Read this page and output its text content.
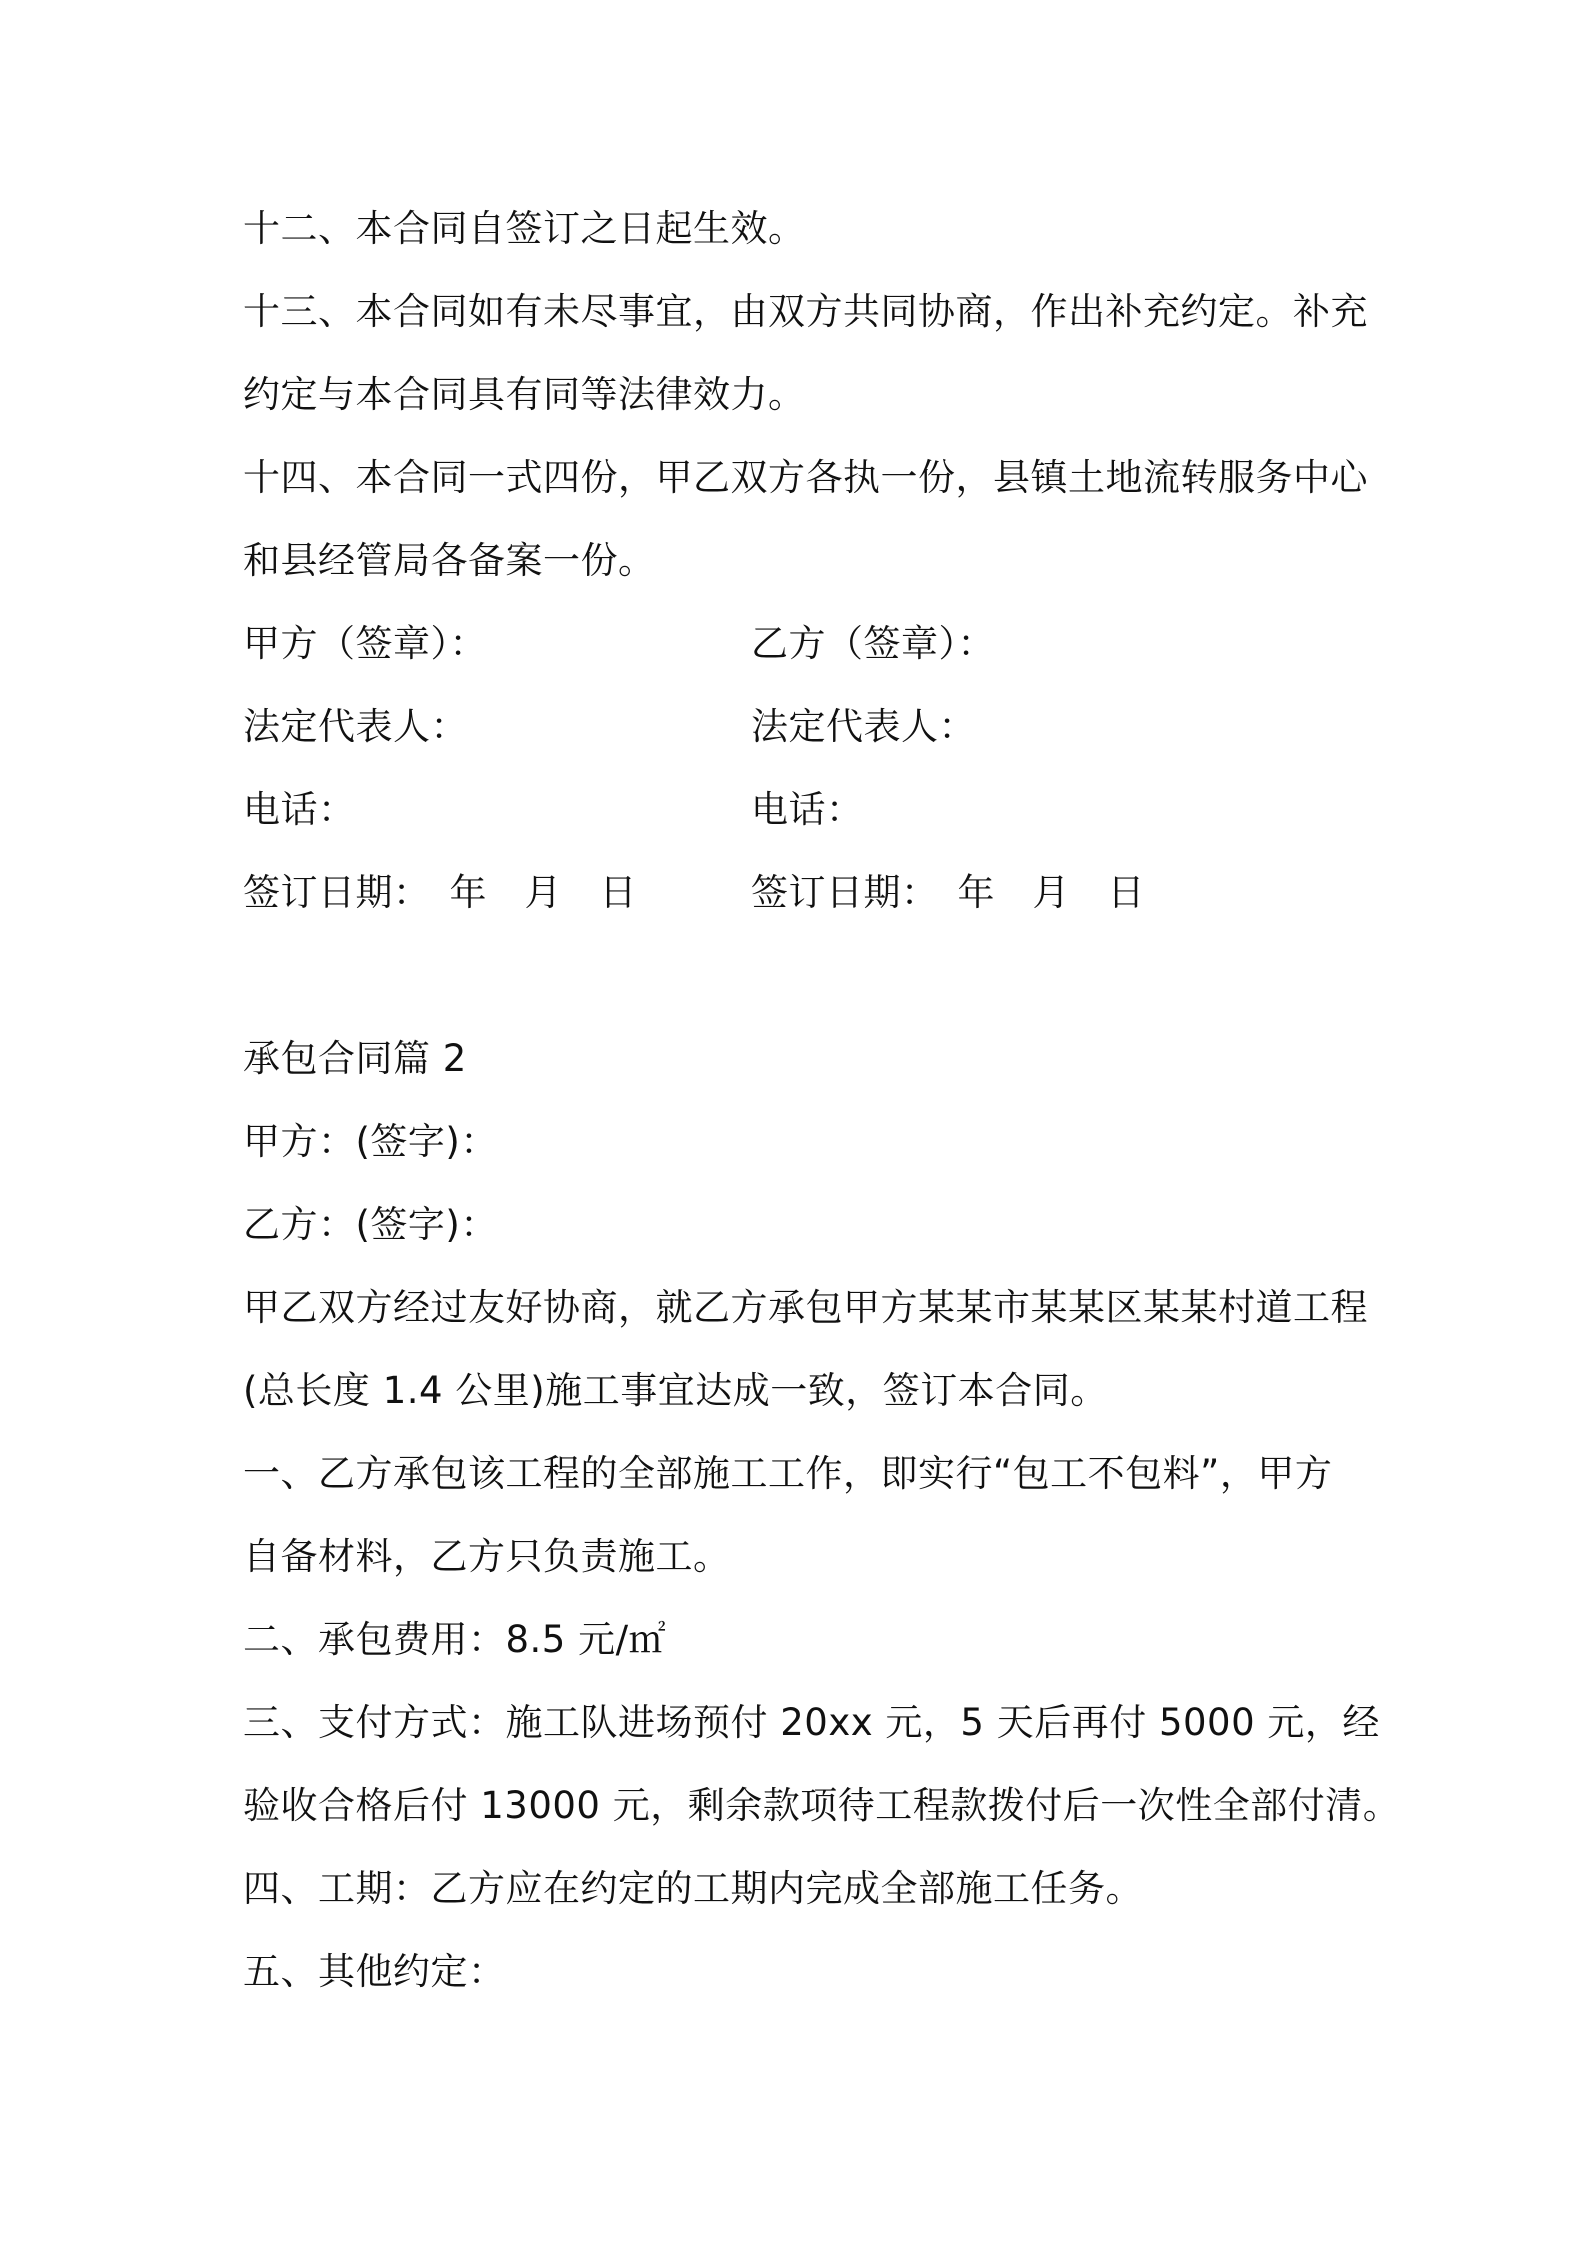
十二、本合同自签订之日起生效。
十三、本合同如有未尽事宜，由双方共同协商，作出补充约定。补充
约定与本合同具有同等法律效力。
十四、本合同一式四份，甲乙双方各执一份，县镇土地流转服务中心
和县经管局各备案一份。
甲方（签章）：	乙方（签章）：
法定代表人：	法定代表人：
电话：	电话：
签订日期：　年　月　日	签订日期：　年　月　日
承包合同篇 2
甲方：(签字)：
乙方：(签字)：
甲乙双方经过友好协商，就乙方承包甲方某某市某某区某某村道工程
(总长度 1.4 公里)施工事宜达成一致，签订本合同。
一、乙方承包该工程的全部施工工作，即实行“包工不包料”，甲方
自备材料，乙方只负责施工。
二、承包费用：8.5 元/㎡
三、支付方式：施工队进场预付 20xx 元，5 天后再付 5000 元，经
验收合格后付 13000 元，剩余款项待工程款拨付后一次性全部付清。
四、工期：乙方应在约定的工期内完成全部施工任务。
五、其他约定：
